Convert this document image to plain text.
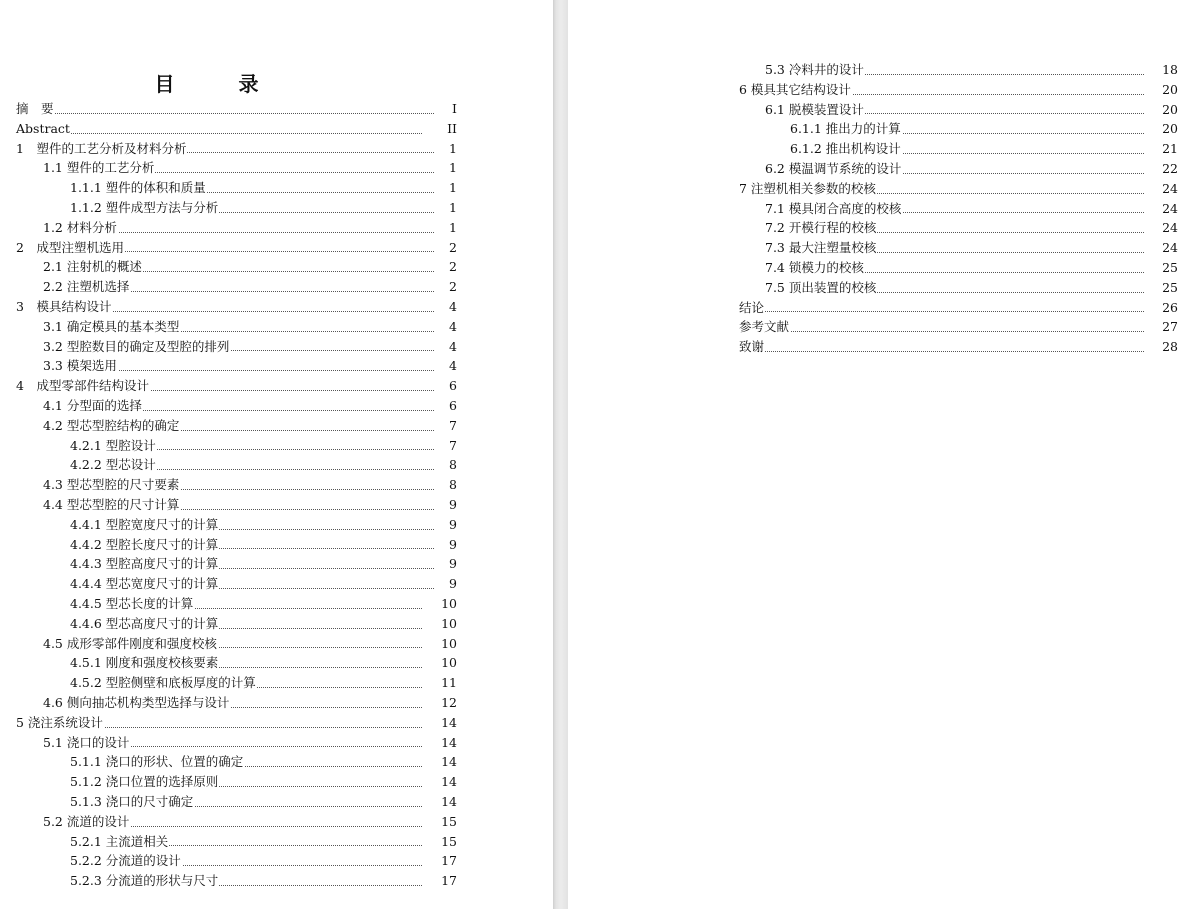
目　录
摘　要	I
Abstract	II
1　塑件的工艺分析及材料分析	1
1.1 塑件的工艺分析	1
1.1.1 塑件的体积和质量	1
1.1.2 塑件成型方法与分析	1
1.2 材料分析	1
2　成型注塑机选用	2
2.1 注射机的概述	2
2.2 注塑机选择	2
3　模具结构设计	4
3.1 确定模具的基本类型	4
3.2 型腔数目的确定及型腔的排列	4
3.3 模架选用	4
4　成型零部件结构设计	6
4.1 分型面的选择	6
4.2 型芯型腔结构的确定	7
4.2.1 型腔设计	7
4.2.2 型芯设计	8
4.3 型芯型腔的尺寸要素	8
4.4 型芯型腔的尺寸计算	9
4.4.1 型腔宽度尺寸的计算	9
4.4.2 型腔长度尺寸的计算	9
4.4.3 型腔高度尺寸的计算	9
4.4.4 型芯宽度尺寸的计算	9
4.4.5 型芯长度的计算	10
4.4.6 型芯高度尺寸的计算	10
4.5 成形零部件刚度和强度校核	10
4.5.1 刚度和强度校核要素	10
4.5.2 型腔侧壁和底板厚度的计算	11
4.6 侧向抽芯机构类型选择与设计	12
5 浇注系统设计	14
5.1 浇口的设计	14
5.1.1 浇口的形状、位置的确定	14
5.1.2 浇口位置的选择原则	14
5.1.3 浇口的尺寸确定	14
5.2 流道的设计	15
5.2.1 主流道相关	15
5.2.2 分流道的设计	17
5.2.3 分流道的形状与尺寸	17
5.3 冷料井的设计	18
6 模具其它结构设计	20
6.1 脱模装置设计	20
6.1.1 推出力的计算	20
6.1.2 推出机构设计	21
6.2 模温调节系统的设计	22
7 注塑机相关参数的校核	24
7.1 模具闭合高度的校核	24
7.2 开模行程的校核	24
7.3 最大注塑量校核	24
7.4 锁模力的校核	25
7.5 顶出装置的校核	25
结论	26
参考文献	27
致谢	28
